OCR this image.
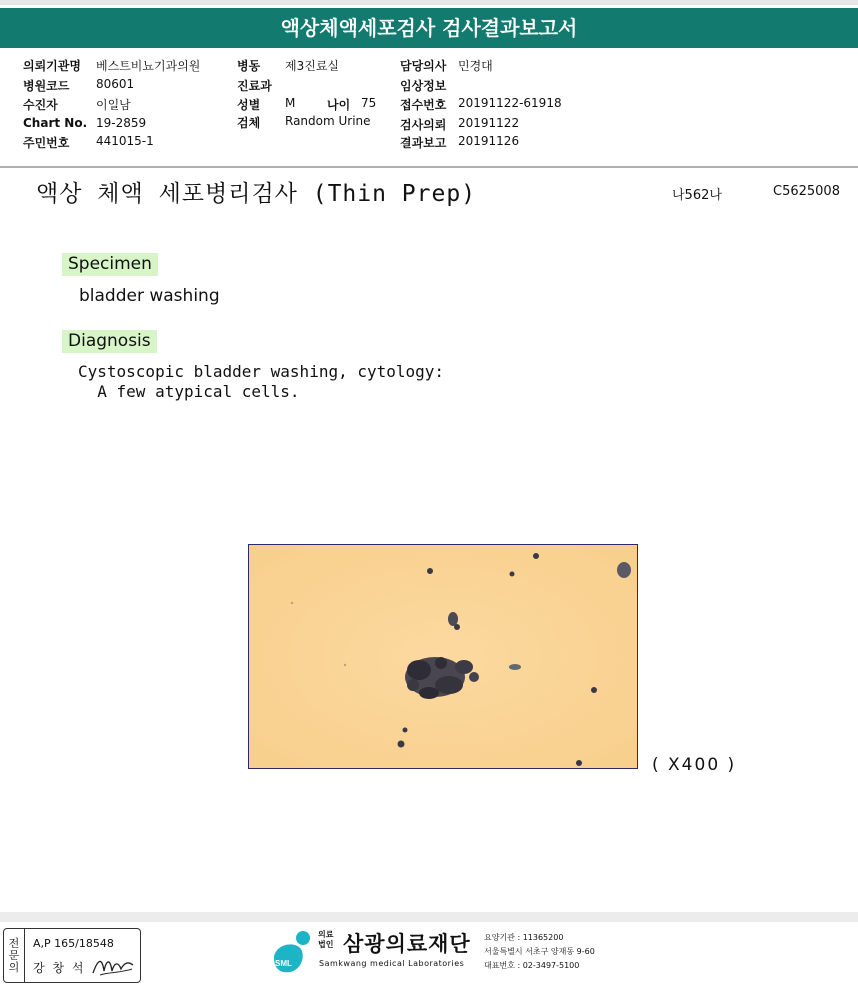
액상체액세포검사 검사결과보고서
의뢰기관명 베스트비뇨기과의원
병원코드 80601
수진자	이일남
Chart No. 19-2859
주민번호 441015-1
병동 제3진료실
진료과
성별 M	나이 75
검체 Random Urine
담당의사 민경대
임상정보
접수번호 20191122-61918
검사의뢰 20191122
결과보고 20191126
액상 체액 세포병리검사 (Thin Prep)	나562나	C5625008
Specimen
bladder washing
Diagnosis
Cystoscopic bladder washing, cytology:
A few atypical cells.
( X400 )
전
문
의
A,P 165/18548
강 창 석	SML
의료
법인 삼광의료재단
Samkwang medical Laboratories
요양기관 : 11365200
서울특별시 서초구 양재동 9-60
대표번호 : 02-3497-5100
